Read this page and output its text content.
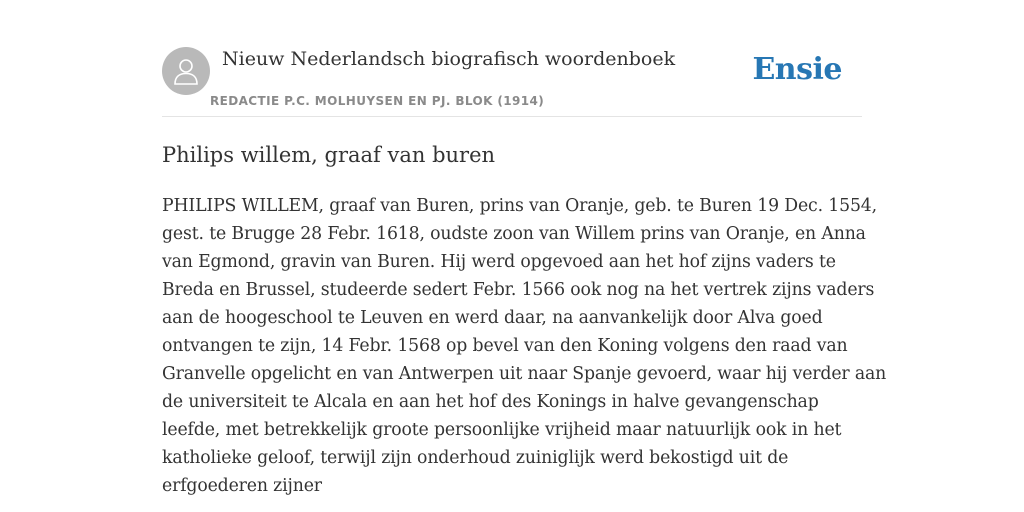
Nieuw Nederlandsch biografisch woordenboek
REDACTIE P.C. MOLHUYSEN EN PJ. BLOK (1914)
Ensie
Philips willem, graaf van buren

PHILIPS WILLEM, graaf van Buren, prins van Oranje, geb. te Buren 19 Dec. 1554,
gest. te Brugge 28 Febr. 1618, oudste zoon van Willem prins van Oranje, en Anna
van Egmond, gravin van Buren. Hij werd opgevoed aan het hof zijns vaders te
Breda en Brussel, studeerde sedert Febr. 1566 ook nog na het vertrek zijns vaders
aan de hoogeschool te Leuven en werd daar, na aanvankelijk door Alva goed
ontvangen te zijn, 14 Febr. 1568 op bevel van den Koning volgens den raad van
Granvelle opgelicht en van Antwerpen uit naar Spanje gevoerd, waar hij verder aan
de universiteit te Alcala en aan het hof des Konings in halve gevangenschap
leefde, met betrekkelijk groote persoonlijke vrijheid maar natuurlijk ook in het
katholieke geloof, terwijl zijn onderhoud zuiniglijk werd bekostigd uit de
erfgoederen zijner
